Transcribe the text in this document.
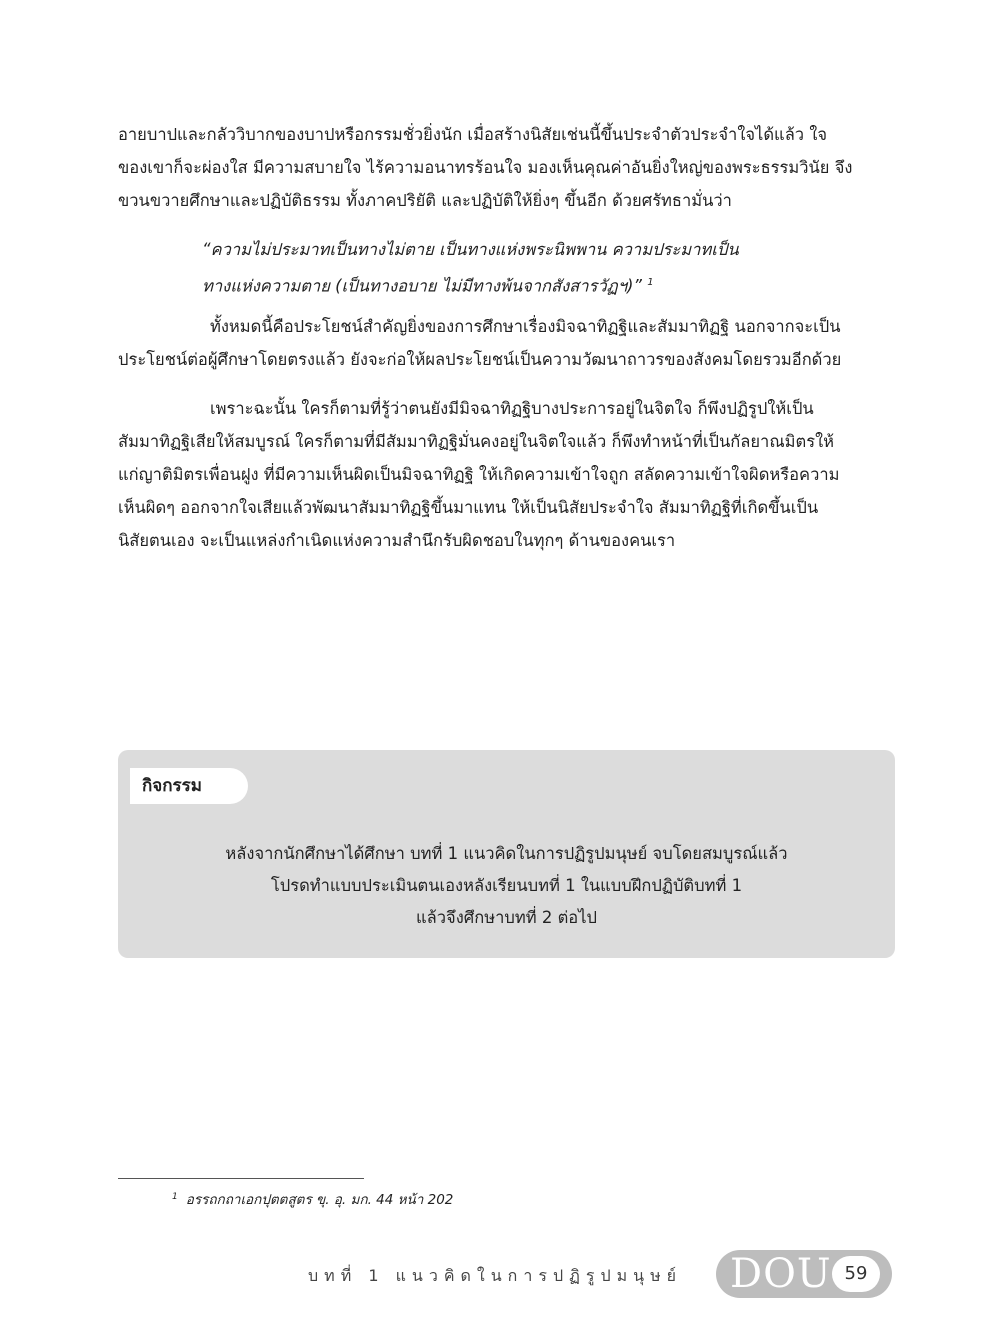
อายบาปและกลัววิบากของบาปหรือกรรมชั่วยิ่งนัก เมื่อสร้างนิสัยเช่นนี้ขึ้นประจำตัวประจำใจได้แล้ว ใจ
ของเขาก็จะผ่องใส มีความสบายใจ ไร้ความอนาทรร้อนใจ มองเห็นคุณค่าอันยิ่งใหญ่ของพระธรรมวินัย จึง
ขวนขวายศึกษาและปฏิบัติธรรม ทั้งภาคปริยัติ และปฏิบัติให้ยิ่งๆ ขึ้นอีก ด้วยศรัทธามั่นว่า
“ความไม่ประมาทเป็นทางไม่ตาย เป็นทางแห่งพระนิพพาน ความประมาทเป็น
ทางแห่งความตาย (เป็นทางอบาย ไม่มีทางพ้นจากสังสารวัฏฯ)” $^1$
ทั้งหมดนี้คือประโยชน์สำคัญยิ่งของการศึกษาเรื่องมิจฉาทิฏฐิและสัมมาทิฏฐิ นอกจากจะเป็น
ประโยชน์ต่อผู้ศึกษาโดยตรงแล้ว ยังจะก่อให้ผลประโยชน์เป็นความวัฒนาถาวรของสังคมโดยรวมอีกด้วย
เพราะฉะนั้น ใครก็ตามที่รู้ว่าตนยังมีมิจฉาทิฏฐิบางประการอยู่ในจิตใจ ก็พึงปฏิรูปให้เป็น
สัมมาทิฏฐิเสียให้สมบูรณ์ ใครก็ตามที่มีสัมมาทิฏฐิมั่นคงอยู่ในจิตใจแล้ว ก็พึงทำหน้าที่เป็นกัลยาณมิตรให้
แก่ญาติมิตรเพื่อนฝูง ที่มีความเห็นผิดเป็นมิจฉาทิฏฐิ ให้เกิดความเข้าใจถูก สลัดความเข้าใจผิดหรือความ
เห็นผิดๆ ออกจากใจเสียแล้วพัฒนาสัมมาทิฏฐิขึ้นมาแทน ให้เป็นนิสัยประจำใจ สัมมาทิฏฐิที่เกิดขึ้นเป็น
นิสัยตนเอง จะเป็นแหล่งกำเนิดแห่งความสำนึกรับผิดชอบในทุกๆ ด้านของคนเรา
กิจกรรม
หลังจากนักศึกษาได้ศึกษา บทที่ 1 แนวคิดในการปฏิรูปมนุษย์ จบโดยสมบูรณ์แล้ว
โปรดทำแบบประเมินตนเองหลังเรียนบทที่ 1 ในแบบฝึกปฏิบัติบทที่ 1
แล้วจึงศึกษาบทที่ 2 ต่อไป
$^1$ อรรถกถาเอกปุตตสูตร ขุ. อุ. มก. 44 หน้า 202
บทที่ 1 แนวคิดในการปฏิรูปมนุษย์ DOU 59
